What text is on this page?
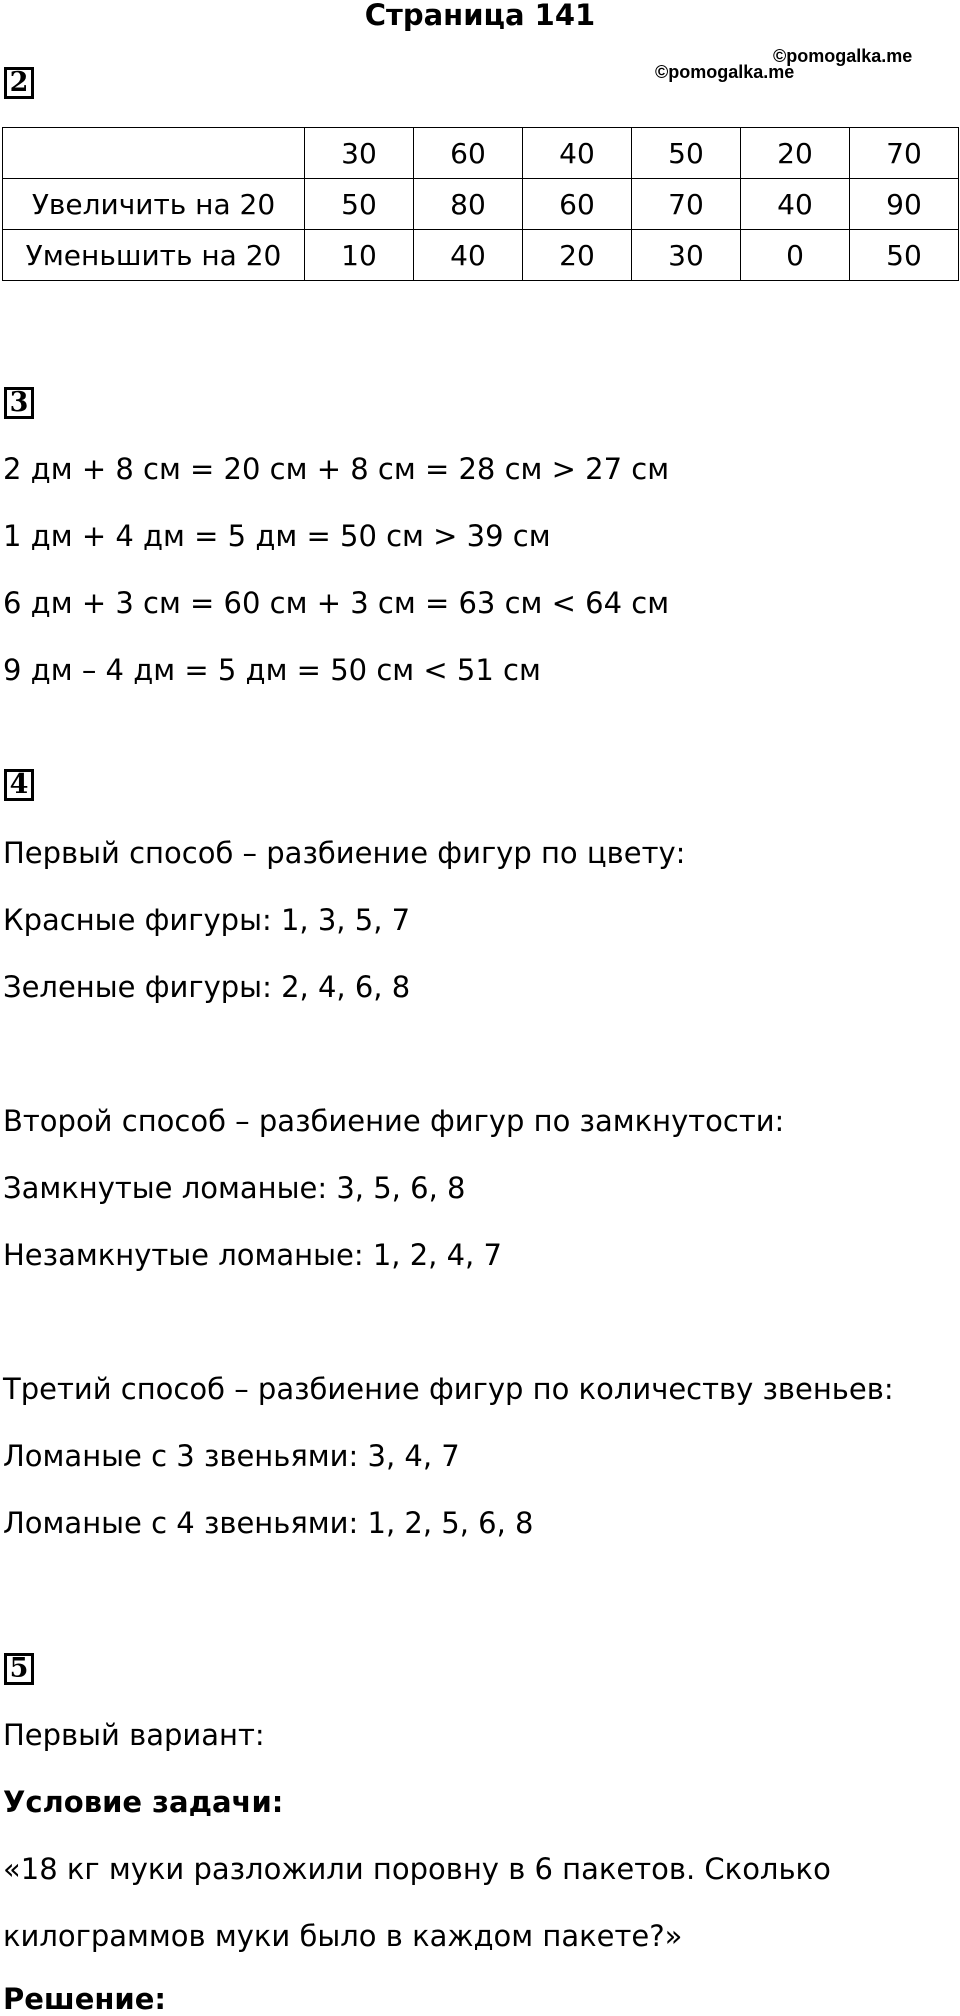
Страница 141
©pomogalka.me
©pomogalka.me
2
	30	60	40	50	20	70
Увеличить на 20	50	80	60	70	40	90
Уменьшить на 20	10	40	20	30	0	50
3
2 дм + 8 см = 20 см + 8 см = 28 см > 27 см
1 дм + 4 дм = 5 дм = 50 см > 39 см
6 дм + 3 см = 60 см + 3 см = 63 см < 64 см
9 дм – 4 дм = 5 дм = 50 см < 51 см
4
Первый способ – разбиение фигур по цвету:
Красные фигуры: 1, 3, 5, 7
Зеленые фигуры: 2, 4, 6, 8
Второй способ – разбиение фигур по замкнутости:
Замкнутые ломаные: 3, 5, 6, 8
Незамкнутые ломаные: 1, 2, 4, 7
Третий способ – разбиение фигур по количеству звеньев:
Ломаные с 3 звеньями: 3, 4, 7
Ломаные с 4 звеньями: 1, 2, 5, 6, 8
5
Первый вариант:
Условие задачи:
«18 кг муки разложили поровну в 6 пакетов. Сколько
килограммов муки было в каждом пакете?»
Решение:
